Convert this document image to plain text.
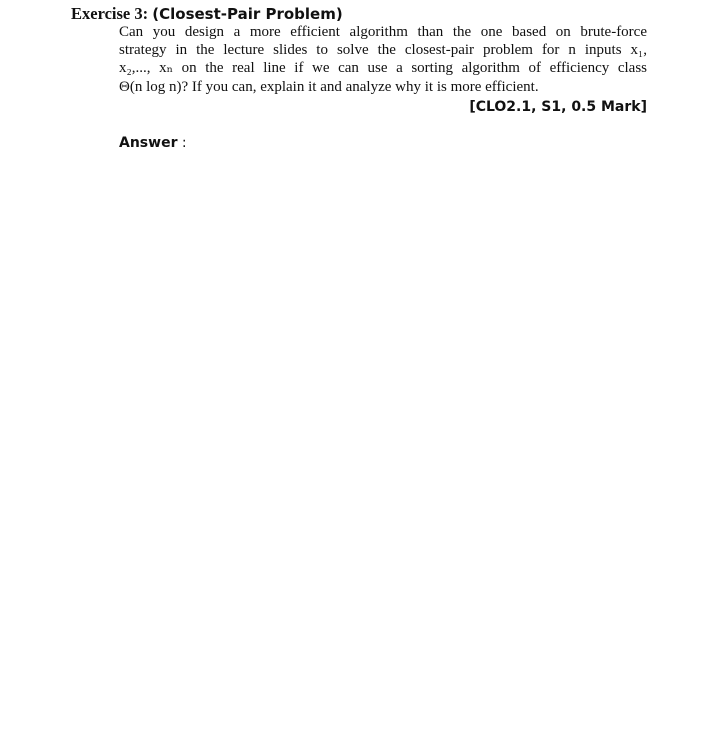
Exercise 3: (Closest-Pair Problem)
Can you design a more efficient algorithm than the one based on brute-force
strategy in the lecture slides to solve the closest-pair problem for n inputs x₁,
x₂,..., xₙ on the real line if we can use a sorting algorithm of efficiency class
Θ(n log n)? If you can, explain it and analyze why it is more efficient.
[CLO2.1, S1, 0.5 Mark]
Answer :
